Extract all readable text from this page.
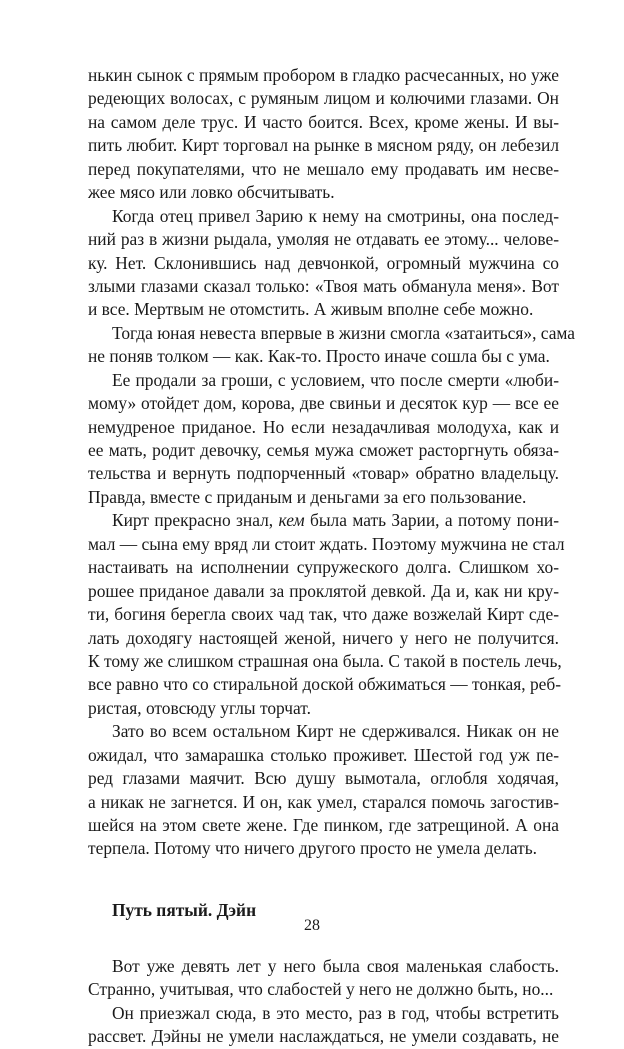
нькин сынок с прямым пробором в гладко расчесанных, но уже
редеющих волосах, с румяным лицом и колючими глазами. Он
на самом деле трус. И часто боится. Всех, кроме жены. И вы-
пить любит. Кирт торговал на рынке в мясном ряду, он лебезил
перед покупателями, что не мешало ему продавать им несве-
жее мясо или ловко обсчитывать.
Когда отец привел Зарию к нему на смотрины, она послед-
ний раз в жизни рыдала, умоляя не отдавать ее этому... челове-
ку. Нет. Склонившись над девчонкой, огромный мужчина со
злыми глазами сказал только: «Твоя мать обманула меня». Вот
и все. Мертвым не отомстить. А живым вполне себе можно.
Тогда юная невеста впервые в жизни смогла «затаиться», сама
не поняв толком — как. Как-то. Просто иначе сошла бы с ума.
Ее продали за гроши, с условием, что после смерти «люби-
мому» отойдет дом, корова, две свиньи и десяток кур — все ее
немудреное приданое. Но если незадачливая молодуха, как и
ее мать, родит девочку, семья мужа сможет расторгнуть обяза-
тельства и вернуть подпорченный «товар» обратно владельцу.
Правда, вместе с приданым и деньгами за его пользование.
Кирт прекрасно знал, кем была мать Зарии, а потому пони-
мал — сына ему вряд ли стоит ждать. Поэтому мужчина не стал
настаивать на исполнении супружеского долга. Слишком хо-
рошее приданое давали за проклятой девкой. Да и, как ни кру-
ти, богиня берегла своих чад так, что даже возжелай Кирт сде-
лать доходягу настоящей женой, ничего у него не получится.
К тому же слишком страшная она была. С такой в постель лечь,
все равно что со стиральной доской обжиматься — тонкая, реб-
ристая, отовсюду углы торчат.
Зато во всем остальном Кирт не сдерживался. Никак он не
ожидал, что замарашка столько проживет. Шестой год уж пе-
ред глазами маячит. Всю душу вымотала, оглобля ходячая,
а никак не загнется. И он, как умел, старался помочь загостив-
шейся на этом свете жене. Где пинком, где затрещиной. А она
терпела. Потому что ничего другого просто не умела делать.
Путь пятый. Дэйн
Вот уже девять лет у него была своя маленькая слабость.
Странно, учитывая, что слабостей у него не должно быть, но...
Он приезжал сюда, в это место, раз в год, чтобы встретить
рассвет. Дэйны не умели наслаждаться, не умели создавать, не
28
